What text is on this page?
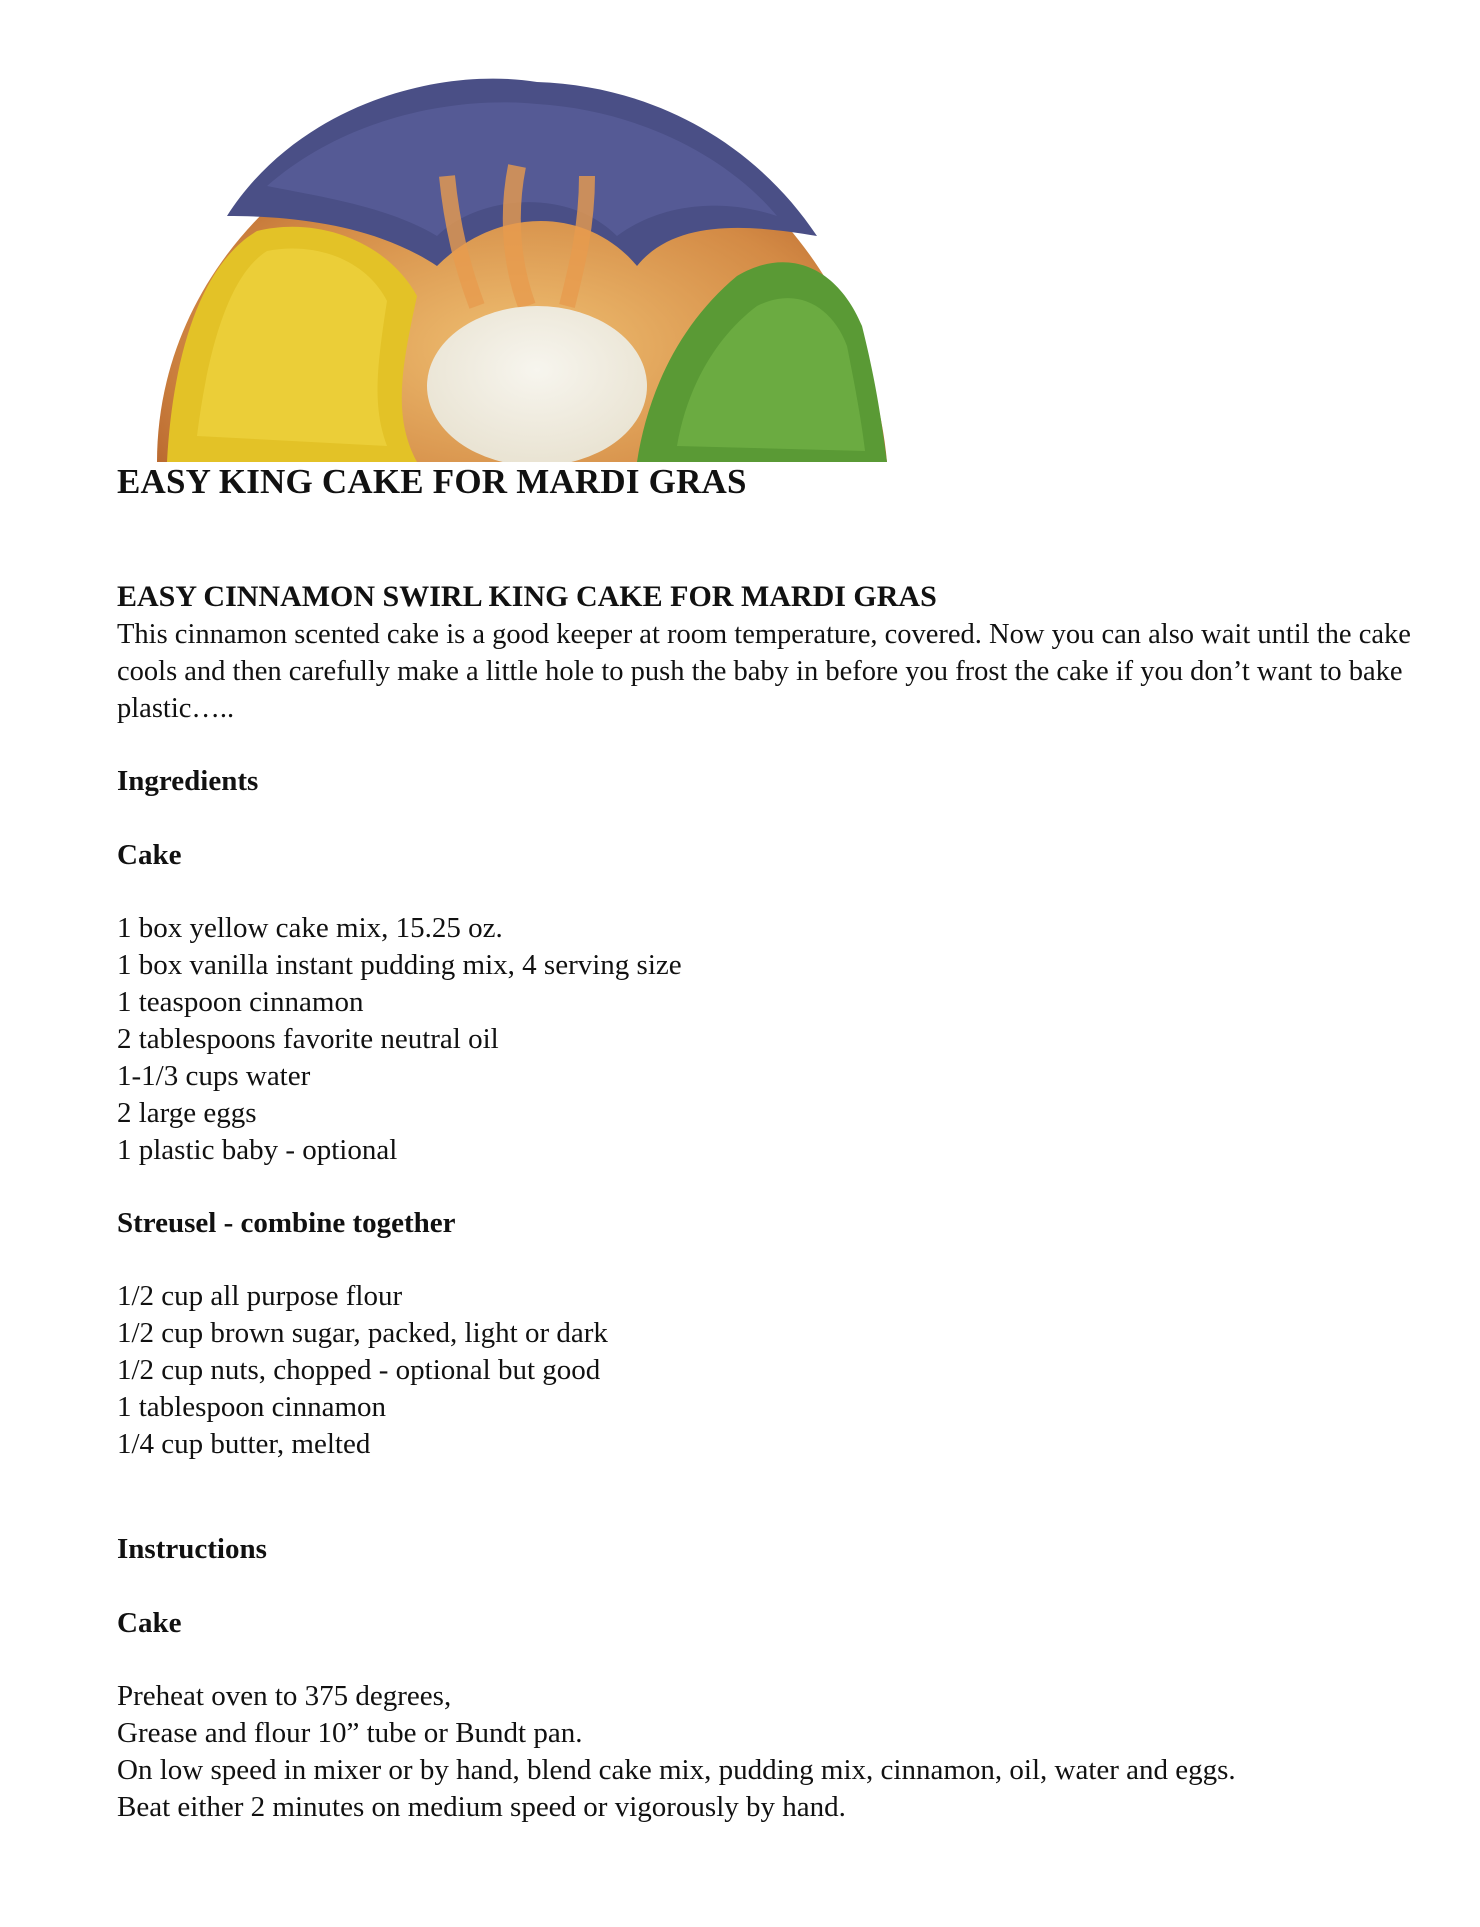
EASY KING CAKE FOR MARDI GRAS
EASY CINNAMON SWIRL KING CAKE FOR MARDI GRAS

This cinnamon scented cake is a good keeper at room temperature, covered. Now you can also wait until the cake cools and then carefully make a little hole to push the baby in before you frost the cake if you don’t want to bake plastic…..

Ingredients
Cake
1 box yellow cake mix, 15.25 oz.
1 box vanilla instant pudding mix, 4 serving size
1 teaspoon cinnamon
2 tablespoons favorite neutral oil
1-1/3 cups water
2 large eggs
1 plastic baby - optional
Streusel - combine together
1/2 cup all purpose flour
1/2 cup brown sugar, packed, light or dark
1/2 cup nuts, chopped - optional but good
1 tablespoon cinnamon
1/4 cup butter, melted
Instructions
Cake
Preheat oven to 375 degrees,
Grease and flour 10” tube or Bundt pan.
On low speed in mixer or by hand, blend cake mix, pudding mix, cinnamon, oil, water and eggs.
Beat either 2 minutes on medium speed or vigorously by hand.
